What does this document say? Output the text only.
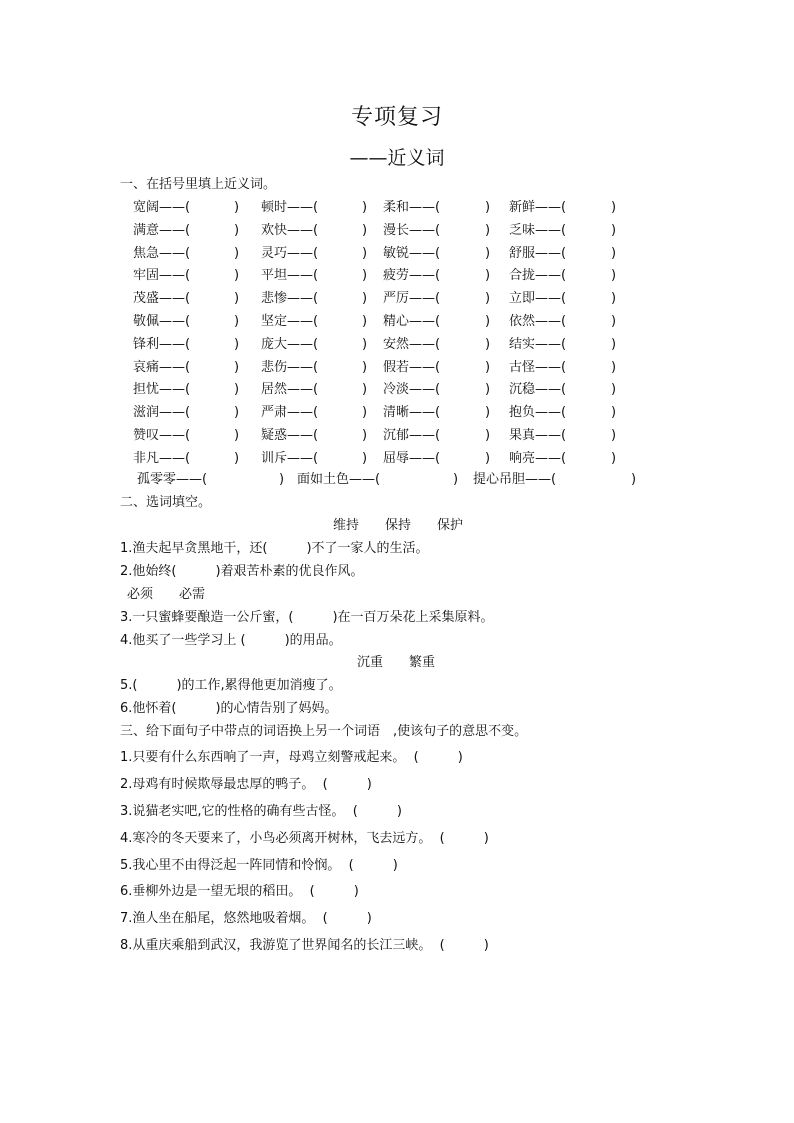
专项复习
——近义词
一、在括号里填上近义词。
宽阔——(	) 顿时——(	) 柔和——(	) 新鲜——(	)
满意——(	) 欢快——(	) 漫长——(	) 乏味——(	)
焦急——(	) 灵巧——(	) 敏锐——(	) 舒服——(	)
牢固——(	) 平坦——(	) 疲劳——(	) 合拢——(	)
茂盛——(	) 悲惨——(	) 严厉——(	) 立即——(	)
敬佩——(	) 坚定——(	) 精心——(	) 依然——(	)
锋利——(	) 庞大——(	) 安然——(	) 结实——(	)
哀痛——(	) 悲伤——(	) 假若——(	) 古怪——(	)
担忧——(	) 居然——(	) 冷淡——(	) 沉稳——(	)
滋润——(	) 严肃——(	) 清晰——(	) 抱负——(	)
赞叹——(	) 疑惑——(	) 沉郁——(	) 果真——(	)
非凡——(	) 训斥——(	) 屈辱——(	) 响亮——(	)
孤零零——(	) 面如土色——(	) 提心吊胆——(	)
二、选词填空。
维持　　保持　　保护
1.渔夫起早贪黑地干，还(　　　)不了一家人的生活。
2.他始终(　　　)着艰苦朴素的优良作风。
必须　　必需
3.一只蜜蜂要酿造一公斤蜜，(　　　)在一百万朵花上采集原料。
4.他买了一些学习上 (　　　)的用品。
沉重　　繁重
5.(　　　)的工作,累得他更加消瘦了。
6.他怀着(　　　)的心情告别了妈妈。
三、给下面句子中带点的词语换上另一个词语　,使该句子的意思不变。
1.只要有什么东西响了一声，母鸡立刻警戒起来。  (　　　)
2.母鸡有时候欺辱最忠厚的鸭子。  (　　　)
3.说猫老实吧,它的性格的确有些古怪。  (　　　)
4.寒冷的冬天要来了，小鸟必须离开树林，飞去远方。  (　　　)
5.我心里不由得泛起一阵同情和怜悯。  (　　　)
6.垂柳外边是一望无垠的稻田。  (　　　)
7.渔人坐在船尾，悠然地吸着烟。  (　　　)
8.从重庆乘船到武汉，我游览了世界闻名的长江三峡。  (　　　)
